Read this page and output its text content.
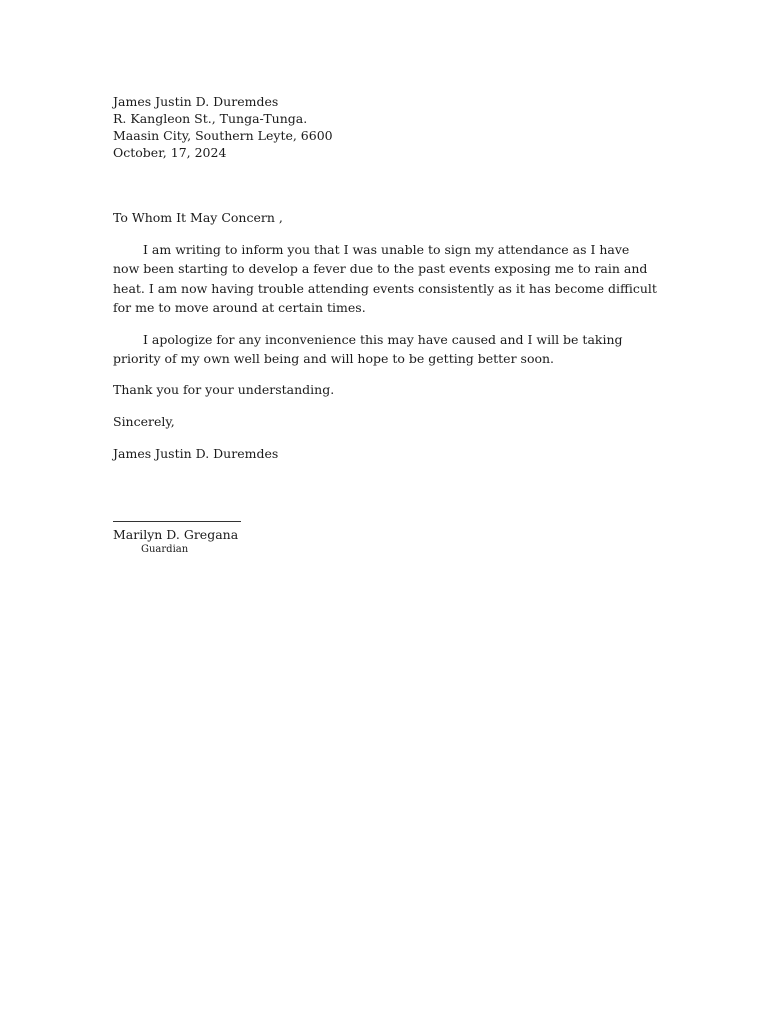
James Justin D. Duremdes
R. Kangleon St., Tunga-Tunga.
Maasin City, Southern Leyte, 6600
October, 17, 2024
To Whom It May Concern ,

I am writing to inform you that I was unable to sign my attendance as I have now been starting to develop a fever due to the past events exposing me to rain and heat. I am now having trouble attending events consistently as it has become difficult for me to move around at certain times.

I apologize for any inconvenience this may have caused and I will be taking priority of my own well being and will hope to be getting better soon.

Thank you for your understanding.
Sincerely,
James Justin D. Duremdes
Marilyn D. Gregana
Guardian
